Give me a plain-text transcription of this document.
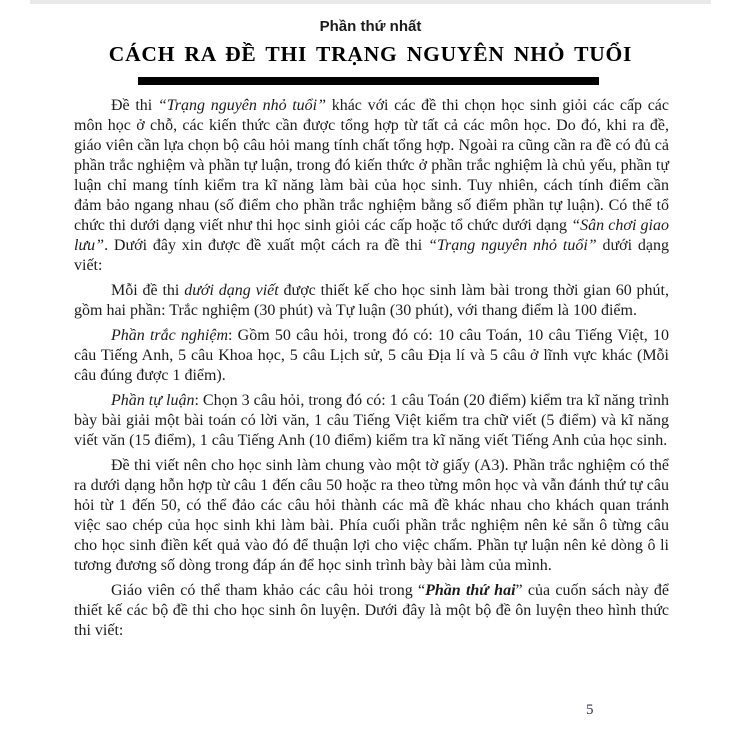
Phần thứ nhất
CÁCH RA ĐỀ THI TRẠNG NGUYÊN NHỎ TUỔI

Đề thi “Trạng nguyên nhỏ tuổi” khác với các đề thi chọn học sinh giỏi các cấp các môn học ở chỗ, các kiến thức cần được tổng hợp từ tất cả các môn học. Do đó, khi ra đề, giáo viên cần lựa chọn bộ câu hỏi mang tính chất tổng hợp. Ngoài ra cũng cần ra đề có đủ cả phần trắc nghiệm và phần tự luận, trong đó kiến thức ở phần trắc nghiệm là chủ yếu, phần tự luận chỉ mang tính kiểm tra kĩ năng làm bài của học sinh. Tuy nhiên, cách tính điểm cần đảm bảo ngang nhau (số điểm cho phần trắc nghiệm bằng số điểm phần tự luận). Có thể tổ chức thi dưới dạng viết như thi học sinh giỏi các cấp hoặc tổ chức dưới dạng “Sân chơi giao lưu”. Dưới đây xin được đề xuất một cách ra đề thi “Trạng nguyên nhỏ tuổi” dưới dạng viết:

Mỗi đề thi dưới dạng viết được thiết kế cho học sinh làm bài trong thời gian 60 phút, gồm hai phần: Trắc nghiệm (30 phút) và Tự luận (30 phút), với thang điểm là 100 điểm.

Phần trắc nghiệm: Gồm 50 câu hỏi, trong đó có: 10 câu Toán, 10 câu Tiếng Việt, 10 câu Tiếng Anh, 5 câu Khoa học, 5 câu Lịch sử, 5 câu Địa lí và 5 câu ở lĩnh vực khác (Mỗi câu đúng được 1 điểm).

Phần tự luận: Chọn 3 câu hỏi, trong đó có: 1 câu Toán (20 điểm) kiểm tra kĩ năng trình bày bài giải một bài toán có lời văn, 1 câu Tiếng Việt kiểm tra chữ viết (5 điểm) và kĩ năng viết văn (15 điểm), 1 câu Tiếng Anh (10 điểm) kiểm tra kĩ năng viết Tiếng Anh của học sinh.

Đề thi viết nên cho học sinh làm chung vào một tờ giấy (A3). Phần trắc nghiệm có thể ra dưới dạng hỗn hợp từ câu 1 đến câu 50 hoặc ra theo từng môn học và vẫn đánh thứ tự câu hỏi từ 1 đến 50, có thể đảo các câu hỏi thành các mã đề khác nhau cho khách quan tránh việc sao chép của học sinh khi làm bài. Phía cuối phần trắc nghiệm nên kẻ sẵn ô từng câu cho học sinh điền kết quả vào đó để thuận lợi cho việc chấm. Phần tự luận nên kẻ dòng ô li tương đương số dòng trong đáp án để học sinh trình bày bài làm của mình.

Giáo viên có thể tham khảo các câu hỏi trong “Phần thứ hai” của cuốn sách này để thiết kế các bộ đề thi cho học sinh ôn luyện. Dưới đây là một bộ đề ôn luyện theo hình thức thi viết:

5
